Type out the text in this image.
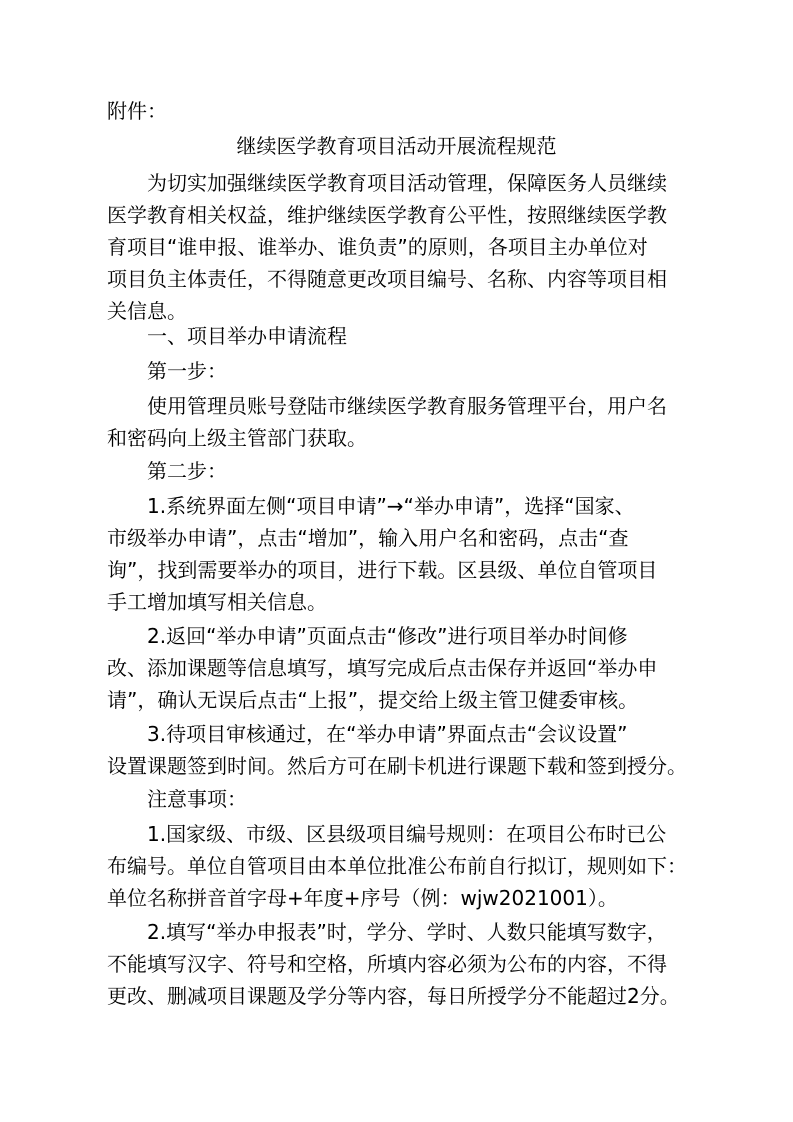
附件：
继续医学教育项目活动开展流程规范
为切实加强继续医学教育项目活动管理，保障医务人员继续
医学教育相关权益，维护继续医学教育公平性，按照继续医学教
育项目“谁申报、谁举办、谁负责”的原则，各项目主办单位对
项目负主体责任，不得随意更改项目编号、名称、内容等项目相
关信息。
一、项目举办申请流程
第一步：
使用管理员账号登陆市继续医学教育服务管理平台，用户名
和密码向上级主管部门获取。
第二步：
1.系统界面左侧“项目申请”→“举办申请”，选择“国家、
市级举办申请”，点击“增加”，输入用户名和密码，点击“查
询”，找到需要举办的项目，进行下载。区县级、单位自管项目
手工增加填写相关信息。
2.返回“举办申请”页面点击“修改”进行项目举办时间修
改、添加课题等信息填写，填写完成后点击保存并返回“举办申
请”，确认无误后点击“上报”，提交给上级主管卫健委审核。
3.待项目审核通过，在“举办申请”界面点击“会议设置”
设置课题签到时间。然后方可在刷卡机进行课题下载和签到授分。
注意事项：
1.国家级、市级、区县级项目编号规则：在项目公布时已公
布编号。单位自管项目由本单位批准公布前自行拟订，规则如下：
单位名称拼音首字母+年度+序号（例：wjw2021001）。
2.填写“举办申报表”时，学分、学时、人数只能填写数字，
不能填写汉字、符号和空格，所填内容必须为公布的内容，不得
更改、删减项目课题及学分等内容，每日所授学分不能超过2分。
